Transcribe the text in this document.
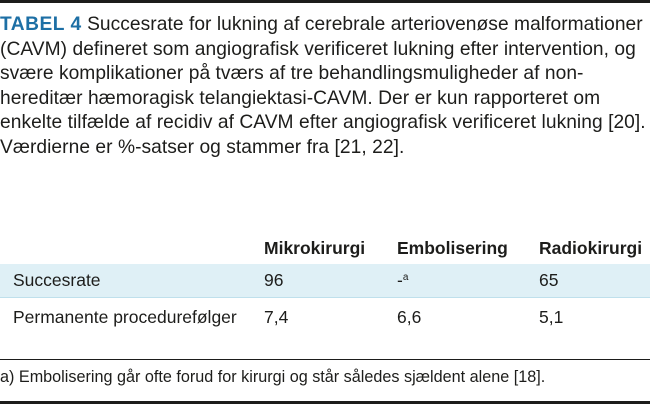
TABEL 4 Succesrate for lukning af cerebrale arteriovenøse malformationer (CAVM) defineret som angiografisk verificeret lukning efter intervention, og svære komplikationer på tværs af tre behandlingsmuligheder af non-hereditær hæmoragisk telangiektasi-CAVM. Der er kun rapporteret om enkelte tilfælde af recidiv af CAVM efter angiografisk verificeret lukning [20]. Værdierne er %-satser og stammer fra [21, 22].
	Mikrokirurgi	Embolisering	Radiokirurgi
Succesrate	96	-$^a$	65
Permanente procedurefølger	7,4	6,6	5,1
a) Embolisering går ofte forud for kirurgi og står således sjældent alene [18].
